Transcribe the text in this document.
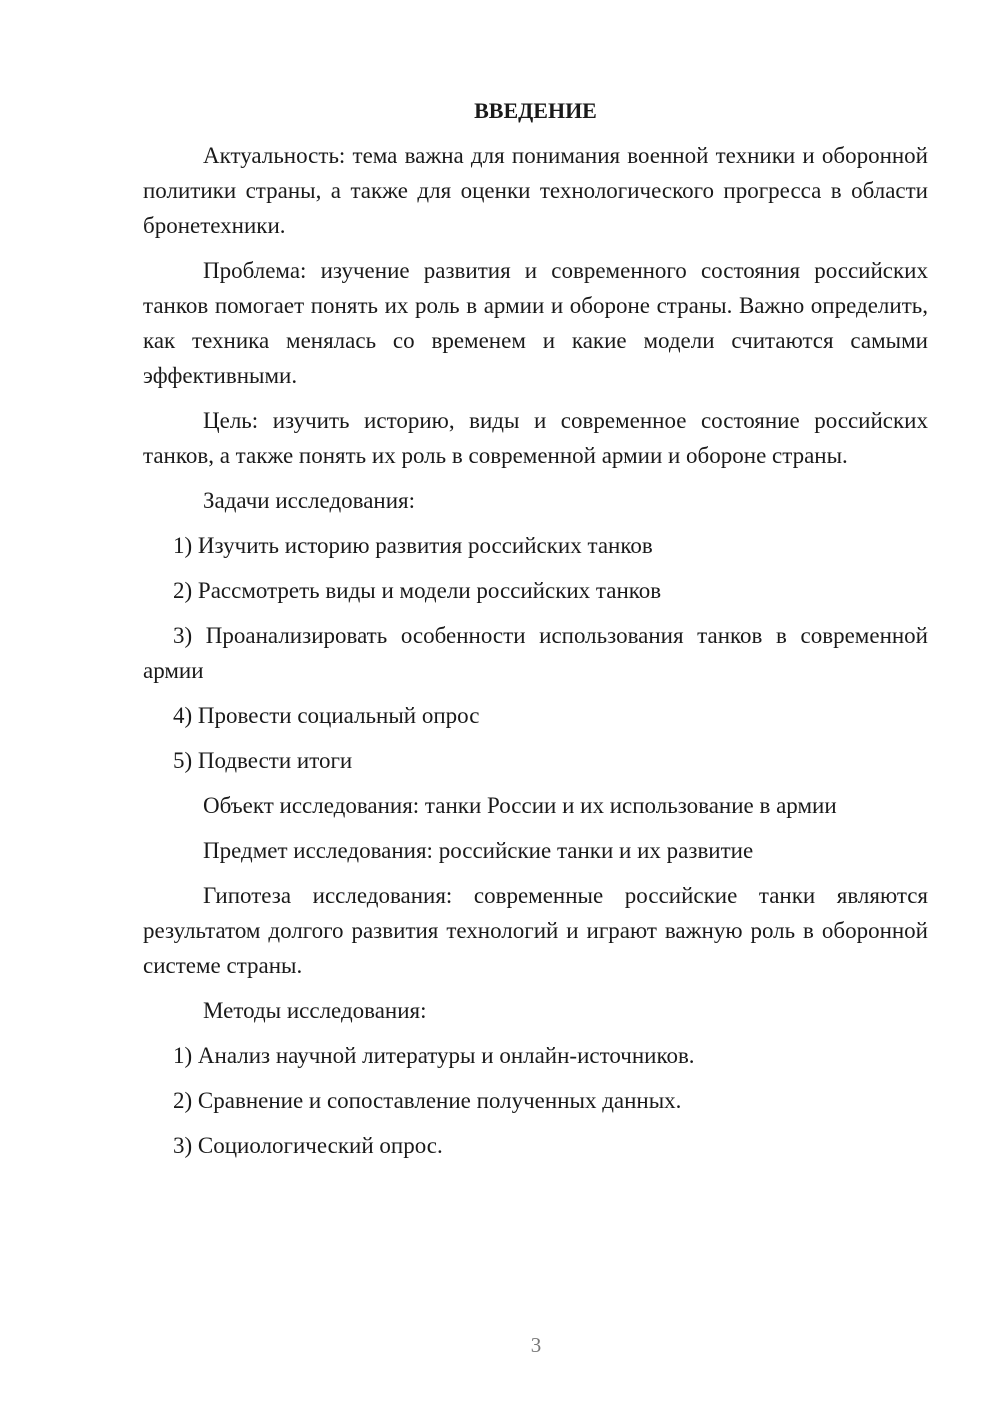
ВВЕДЕНИЕ

Актуальность: тема важна для понимания военной техники и оборонной политики страны, а также для оценки технологического прогресса в области бронетехники.

Проблема: изучение развития и современного состояния российских танков помогает понять их роль в армии и обороне страны. Важно определить, как техника менялась со временем и какие модели считаются самыми эффективными.

Цель: изучить историю, виды и современное состояние российских танков, а также понять их роль в современной армии и обороне страны.

Задачи исследования:

1) Изучить историю развития российских танков

2) Рассмотреть виды и модели российских танков

3) Проанализировать особенности использования танков в современной армии

4) Провести социальный опрос

5) Подвести итоги

Объект исследования: танки России и их использование в армии

Предмет исследования: российские танки и их развитие

Гипотеза исследования: современные российские танки являются результатом долгого развития технологий и играют важную роль в оборонной системе страны.

Методы исследования:

1) Анализ научной литературы и онлайн-источников.

2) Сравнение и сопоставление полученных данных.

3) Социологический опрос.

3
